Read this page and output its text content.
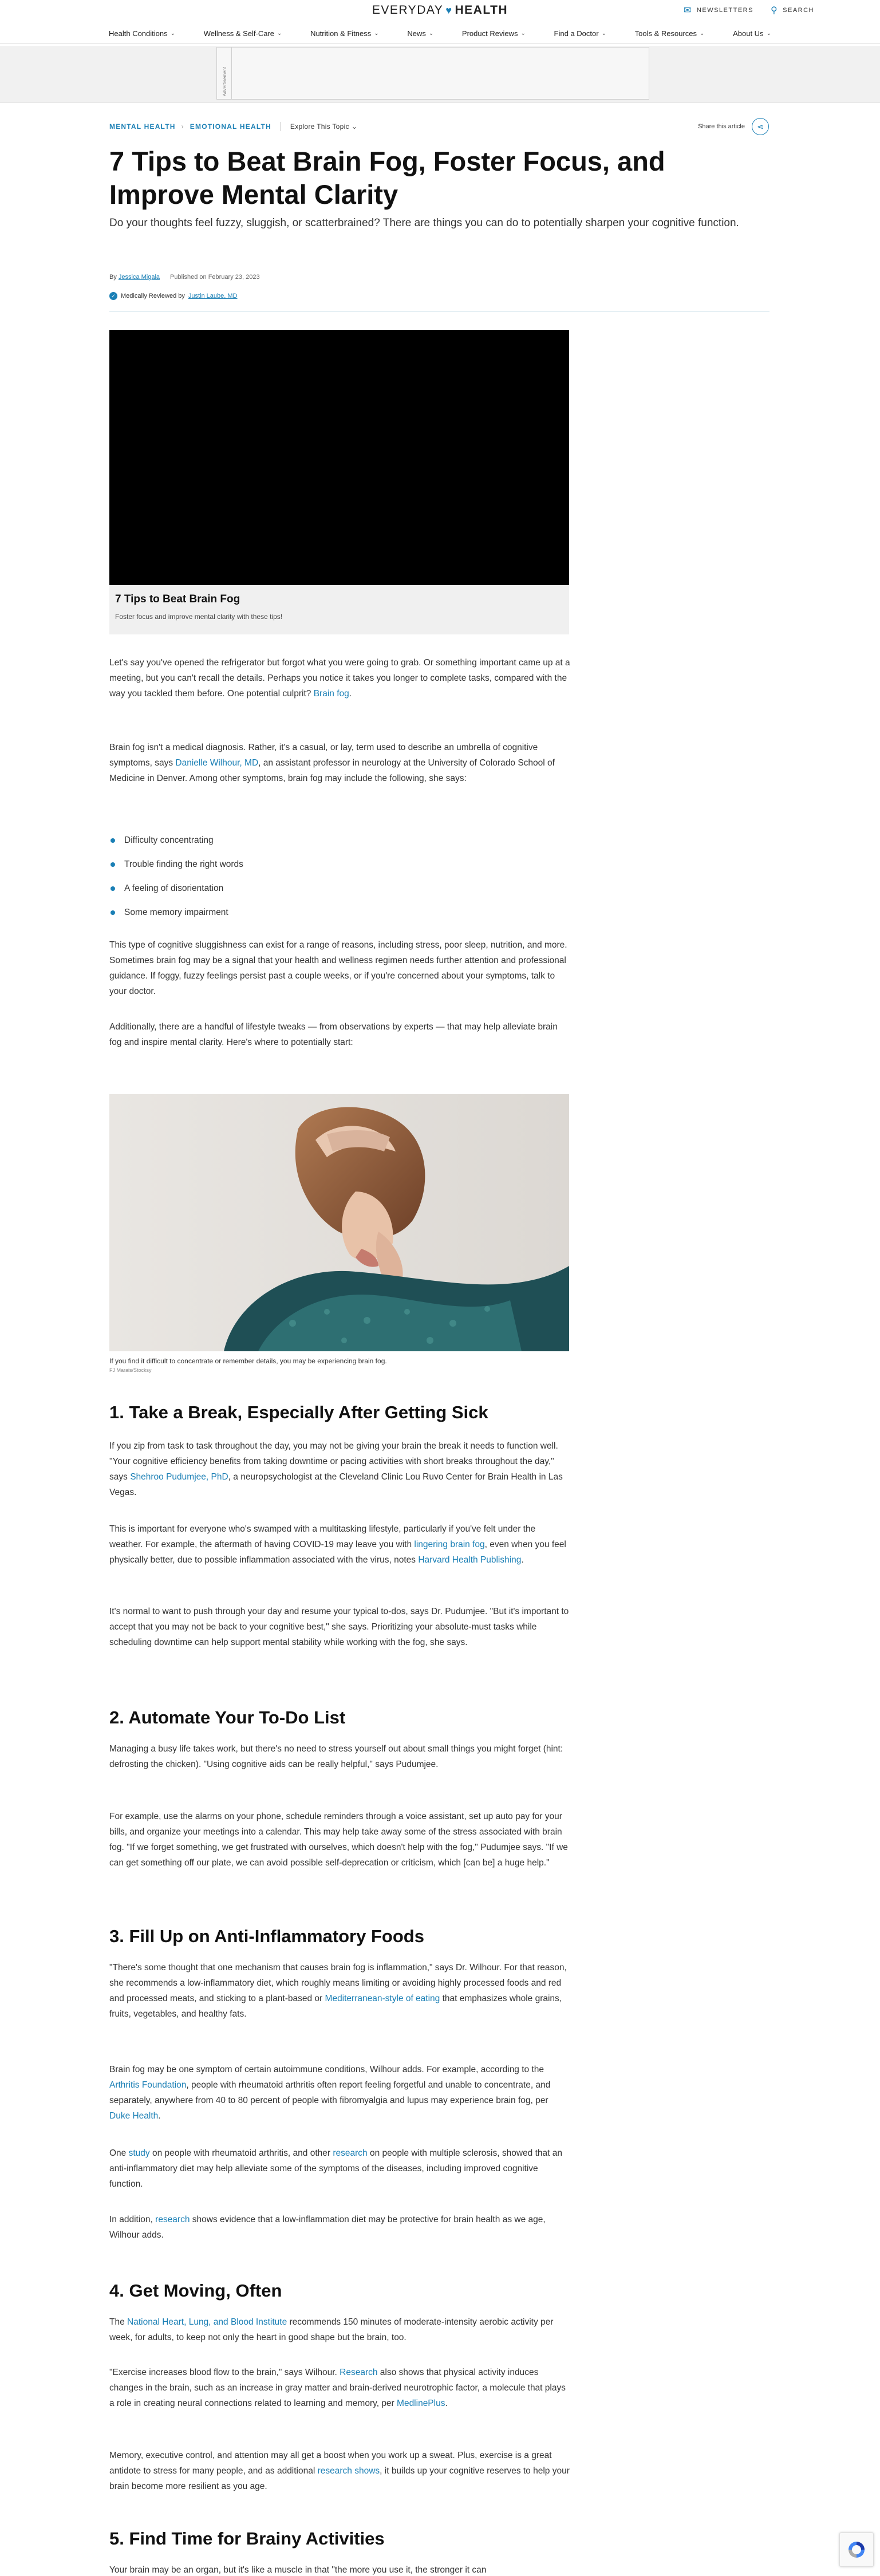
EVERYDAY ♥ HEALTH	✉ NEWSLETTERS ⚲ SEARCH
Health Conditions ⌄	Wellness & Self-Care ⌄	Nutrition & Fitness ⌄	News ⌄	Product Reviews ⌄	Find a Doctor ⌄	Tools & Resources ⌄	About Us ⌄
Advertisement
MENTAL HEALTH › EMOTIONAL HEALTH	Explore This Topic ⌄	Share this article ⋖
7 Tips to Beat Brain Fog, Foster Focus, and Improve Mental Clarity

Do your thoughts feel fuzzy, sluggish, or scatterbrained? There are things you can do to potentially sharpen your cognitive function.

By Jessica Migala Published on February 23, 2023
✓ Medically Reviewed by Justin Laube, MD
7 Tips to Beat Brain Fog
Foster focus and improve mental clarity with these tips!

Let's say you've opened the refrigerator but forgot what you were going to grab. Or something important came up at a meeting, but you can't recall the details. Perhaps you notice it takes you longer to complete tasks, compared with the way you tackled them before. One potential culprit? Brain fog.

Brain fog isn't a medical diagnosis. Rather, it's a casual, or lay, term used to describe an umbrella of cognitive symptoms, says Danielle Wilhour, MD, an assistant professor in neurology at the University of Colorado School of Medicine in Denver. Among other symptoms, brain fog may include the following, she says:

Difficulty concentrating
Trouble finding the right words
A feeling of disorientation
Some memory impairment

This type of cognitive sluggishness can exist for a range of reasons, including stress, poor sleep, nutrition, and more. Sometimes brain fog may be a signal that your health and wellness regimen needs further attention and professional guidance. If foggy, fuzzy feelings persist past a couple weeks, or if you're concerned about your symptoms, talk to your doctor.

Additionally, there are a handful of lifestyle tweaks — from observations by experts — that may help alleviate brain fog and inspire mental clarity. Here's where to potentially start:

If you find it difficult to concentrate or remember details, you may be experiencing brain fog.
FJ Marais/Stocksy
1. Take a Break, Especially After Getting Sick

If you zip from task to task throughout the day, you may not be giving your brain the break it needs to function well. "Your cognitive efficiency benefits from taking downtime or pacing activities with short breaks throughout the day," says Shehroo Pudumjee, PhD, a neuropsychologist at the Cleveland Clinic Lou Ruvo Center for Brain Health in Las Vegas.

This is important for everyone who's swamped with a multitasking lifestyle, particularly if you've felt under the weather. For example, the aftermath of having COVID-19 may leave you with lingering brain fog, even when you feel physically better, due to possible inflammation associated with the virus, notes Harvard Health Publishing.

It's normal to want to push through your day and resume your typical to-dos, says Dr. Pudumjee. "But it's important to accept that you may not be back to your cognitive best," she says. Prioritizing your absolute-must tasks while scheduling downtime can help support mental stability while working with the fog, she says.

2. Automate Your To-Do List

Managing a busy life takes work, but there's no need to stress yourself out about small things you might forget (hint: defrosting the chicken). "Using cognitive aids can be really helpful," says Pudumjee.

For example, use the alarms on your phone, schedule reminders through a voice assistant, set up auto pay for your bills, and organize your meetings into a calendar. This may help take away some of the stress associated with brain fog. "If we forget something, we get frustrated with ourselves, which doesn't help with the fog," Pudumjee says. "If we can get something off our plate, we can avoid possible self-deprecation or criticism, which [can be] a huge help."

3. Fill Up on Anti-Inflammatory Foods

"There's some thought that one mechanism that causes brain fog is inflammation," says Dr. Wilhour. For that reason, she recommends a low-inflammatory diet, which roughly means limiting or avoiding highly processed foods and red and processed meats, and sticking to a plant-based or Mediterranean-style of eating that emphasizes whole grains, fruits, vegetables, and healthy fats.

Brain fog may be one symptom of certain autoimmune conditions, Wilhour adds. For example, according to the Arthritis Foundation, people with rheumatoid arthritis often report feeling forgetful and unable to concentrate, and separately, anywhere from 40 to 80 percent of people with fibromyalgia and lupus may experience brain fog, per Duke Health.

One study on people with rheumatoid arthritis, and other research on people with multiple sclerosis, showed that an anti-inflammatory diet may help alleviate some of the symptoms of the diseases, including improved cognitive function.

In addition, research shows evidence that a low-inflammation diet may be protective for brain health as we age, Wilhour adds.

4. Get Moving, Often

The National Heart, Lung, and Blood Institute recommends 150 minutes of moderate-intensity aerobic activity per week, for adults, to keep not only the heart in good shape but the brain, too.

"Exercise increases blood flow to the brain," says Wilhour. Research also shows that physical activity induces changes in the brain, such as an increase in gray matter and brain-derived neurotrophic factor, a molecule that plays a role in creating neural connections related to learning and memory, per MedlinePlus.

Memory, executive control, and attention may all get a boost when you work up a sweat. Plus, exercise is a great antidote to stress for many people, and as additional research shows, it builds up your cognitive reserves to help your brain become more resilient as you age.

5. Find Time for Brainy Activities

Your brain may be an organ, but it's like a muscle in that "the more you use it, the stronger it can
